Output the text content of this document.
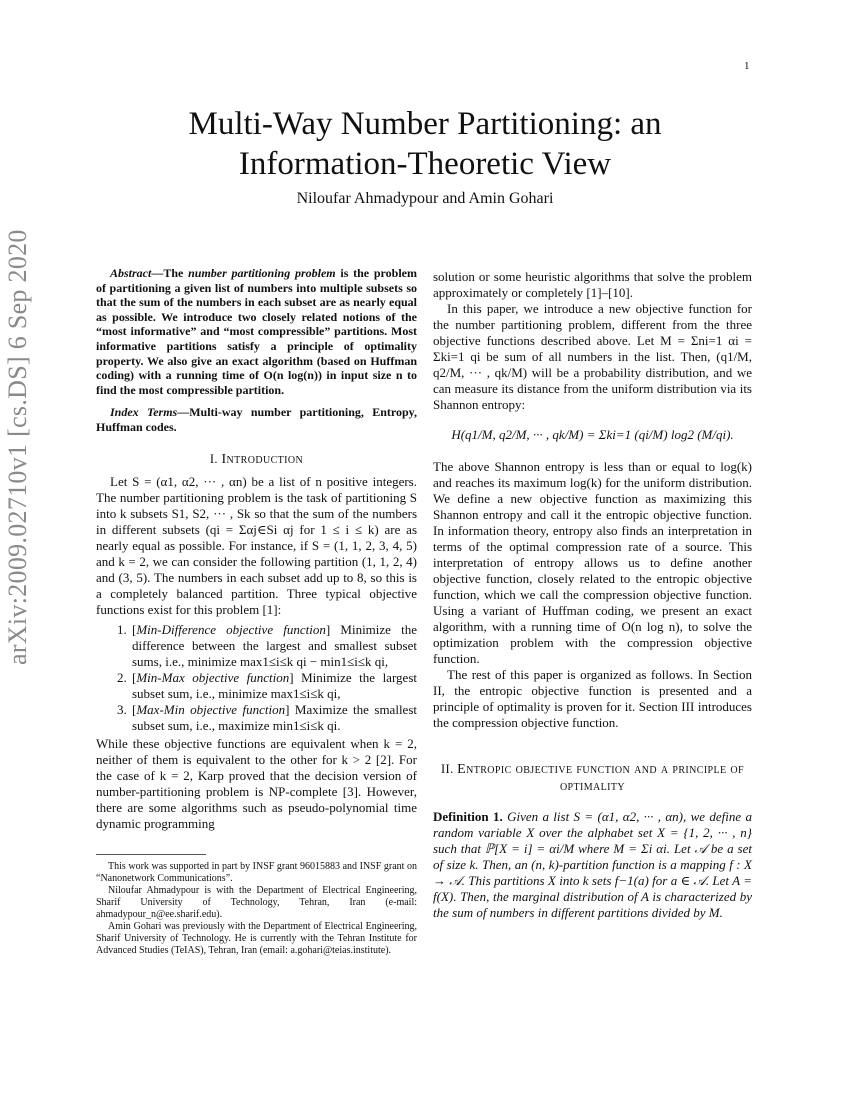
1
arXiv:2009.02710v1 [cs.DS] 6 Sep 2020
Multi-Way Number Partitioning: an
Information-Theoretic View
Niloufar Ahmadypour and Amin Gohari

Abstract—The number partitioning problem is the problem of partitioning a given list of numbers into multiple subsets so that the sum of the numbers in each subset are as nearly equal as possible. We introduce two closely related notions of the “most informative” and “most compressible” partitions. Most informative partitions satisfy a principle of optimality property. We also give an exact algorithm (based on Huffman coding) with a running time of O(n log(n)) in input size n to find the most compressible partition.

Index Terms—Multi-way number partitioning, Entropy, Huffman codes.

I. Introduction

Let S = (α1, α2, ··· , αn) be a list of n positive integers. The number partitioning problem is the task of partitioning S into k subsets S1, S2, ··· , Sk so that the sum of the numbers in different subsets (qi = Σαj∈Si αj for 1 ≤ i ≤ k) are as nearly equal as possible. For instance, if S = (1, 1, 2, 3, 4, 5) and k = 2, we can consider the following partition (1, 1, 2, 4) and (3, 5). The numbers in each subset add up to 8, so this is a completely balanced partition. Three typical objective functions exist for this problem [1]:

1. [Min-Difference objective function] Minimize the difference between the largest and smallest subset sums, i.e., minimize max1≤i≤k qi − min1≤i≤k qi,
2. [Min-Max objective function] Minimize the largest subset sum, i.e., minimize max1≤i≤k qi,
3. [Max-Min objective function] Maximize the smallest subset sum, i.e., maximize min1≤i≤k qi.

While these objective functions are equivalent when k = 2, neither of them is equivalent to the other for k > 2 [2]. For the case of k = 2, Karp proved that the decision version of number-partitioning problem is NP-complete [3]. However, there are some algorithms such as pseudo-polynomial time dynamic programming

This work was supported in part by INSF grant 96015883 and INSF grant on “Nanonetwork Communications”.

Niloufar Ahmadypour is with the Department of Electrical Engineering, Sharif University of Technology, Tehran, Iran (e-mail: ahmadypour_n@ee.sharif.edu).

Amin Gohari was previously with the Department of Electrical Engineering, Sharif University of Technology. He is currently with the Tehran Institute for Advanced Studies (TeIAS), Tehran, Iran (email: a.gohari@teias.institute).

solution or some heuristic algorithms that solve the problem approximately or completely [1]–[10].

In this paper, we introduce a new objective function for the number partitioning problem, different from the three objective functions described above. Let M = Σni=1 αi = Σki=1 qi be sum of all numbers in the list. Then, (q1/M, q2/M, ··· , qk/M) will be a probability distribution, and we can measure its distance from the uniform distribution via its Shannon entropy:

H(q1/M, q2/M, ··· , qk/M) = Σki=1 (qi/M) log2 (M/qi).

The above Shannon entropy is less than or equal to log(k) and reaches its maximum log(k) for the uniform distribution. We define a new objective function as maximizing this Shannon entropy and call it the entropic objective function. In information theory, entropy also finds an interpretation in terms of the optimal compression rate of a source. This interpretation of entropy allows us to define another objective function, closely related to the entropic objective function, which we call the compression objective function. Using a variant of Huffman coding, we present an exact algorithm, with a running time of O(n log n), to solve the optimization problem with the compression objective function.

The rest of this paper is organized as follows. In Section II, the entropic objective function is presented and a principle of optimality is proven for it. Section III introduces the compression objective function.

II. Entropic objective function and a principle of optimality

Definition 1. Given a list S = (α1, α2, ··· , αn), we define a random variable X over the alphabet set X = {1, 2, ··· , n} such that ℙ[X = i] = αi/M where M = Σi αi. Let 𝒜 be a set of size k. Then, an (n, k)-partition function is a mapping f : X → 𝒜. This partitions X into k sets f−1(a) for a ∈ 𝒜. Let A = f(X). Then, the marginal distribution of A is characterized by the sum of numbers in different partitions divided by M.
